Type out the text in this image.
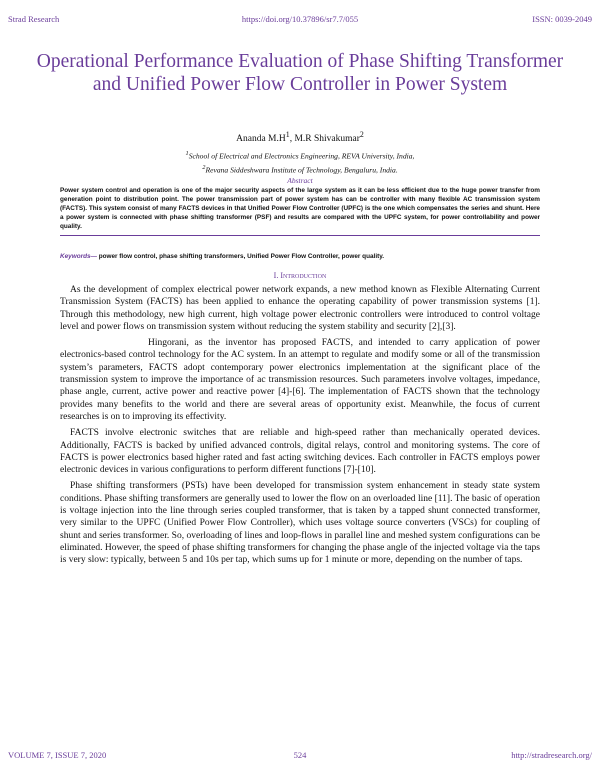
Strad Research	https://doi.org/10.37896/sr7.7/055	ISSN: 0039-2049
Operational Performance Evaluation of Phase Shifting Transformer and Unified Power Flow Controller in Power System
Ananda $M.H^1$, M.R Shivakumar$^2$
$^1$School of Electrical and Electronics Engineering, REVA University, India,
$^2$Revana Siddeshwara Institute of Technology, Bengaluru, India.
Abstract
Power system control and operation is one of the major security aspects of the large system as it can be less efficient due to the huge power transfer from generation point to distribution point. The power transmission part of power system has can be controller with many flexible AC transmission system (FACTS). This system consist of many FACTS devices in that Unified Power Flow Controller (UPFC) is the one which compensates the series and shunt. Here a power system is connected with phase shifting transformer (PSF) and results are compared with the UPFC system, for power controllability and power quality.
Keywords— power flow control, phase shifting transformers, Unified Power Flow Controller, power quality.
I. Introduction

As the development of complex electrical power network expands, a new method known as Flexible Alternating Current Transmission System (FACTS) has been applied to enhance the operating capability of power transmission systems [1]. Through this methodology, new high current, high voltage power electronic controllers were introduced to control voltage level and power flows on transmission system without reducing the system stability and security [2],[3].

Hingorani, as the inventor has proposed FACTS, and intended to carry application of power electronics-based control technology for the AC system. In an attempt to regulate and modify some or all of the transmission system’s parameters, FACTS adopt contemporary power electronics implementation at the significant place of the transmission system to improve the importance of ac transmission resources. Such parameters involve voltages, impedance, phase angle, current, active power and reactive power [4]-[6]. The implementation of FACTS shown that the technology provides many benefits to the world and there are several areas of opportunity exist. Meanwhile, the focus of current researches is on to improving its effectivity.

FACTS involve electronic switches that are reliable and high-speed rather than mechanically operated devices. Additionally, FACTS is backed by unified advanced controls, digital relays, control and monitoring systems. The core of FACTS is power electronics based higher rated and fast acting switching devices. Each controller in FACTS employs power electronic devices in various configurations to perform different functions [7]-[10].

Phase shifting transformers (PSTs) have been developed for transmission system enhancement in steady state system conditions. Phase shifting transformers are generally used to lower the flow on an overloaded line [11]. The basic of operation is voltage injection into the line through series coupled transformer, that is taken by a tapped shunt connected transformer, very similar to the UPFC (Unified Power Flow Controller), which uses voltage source converters (VSCs) for coupling of shunt and series transformer. So, overloading of lines and loop-flows in parallel line and meshed system configurations can be eliminated. However, the speed of phase shifting transformers for changing the phase angle of the injected voltage via the taps is very slow: typically, between 5 and 10s per tap, which sums up for 1 minute or more, depending on the number of taps.

VOLUME 7, ISSUE 7, 2020	524	http://stradresearch.org/
